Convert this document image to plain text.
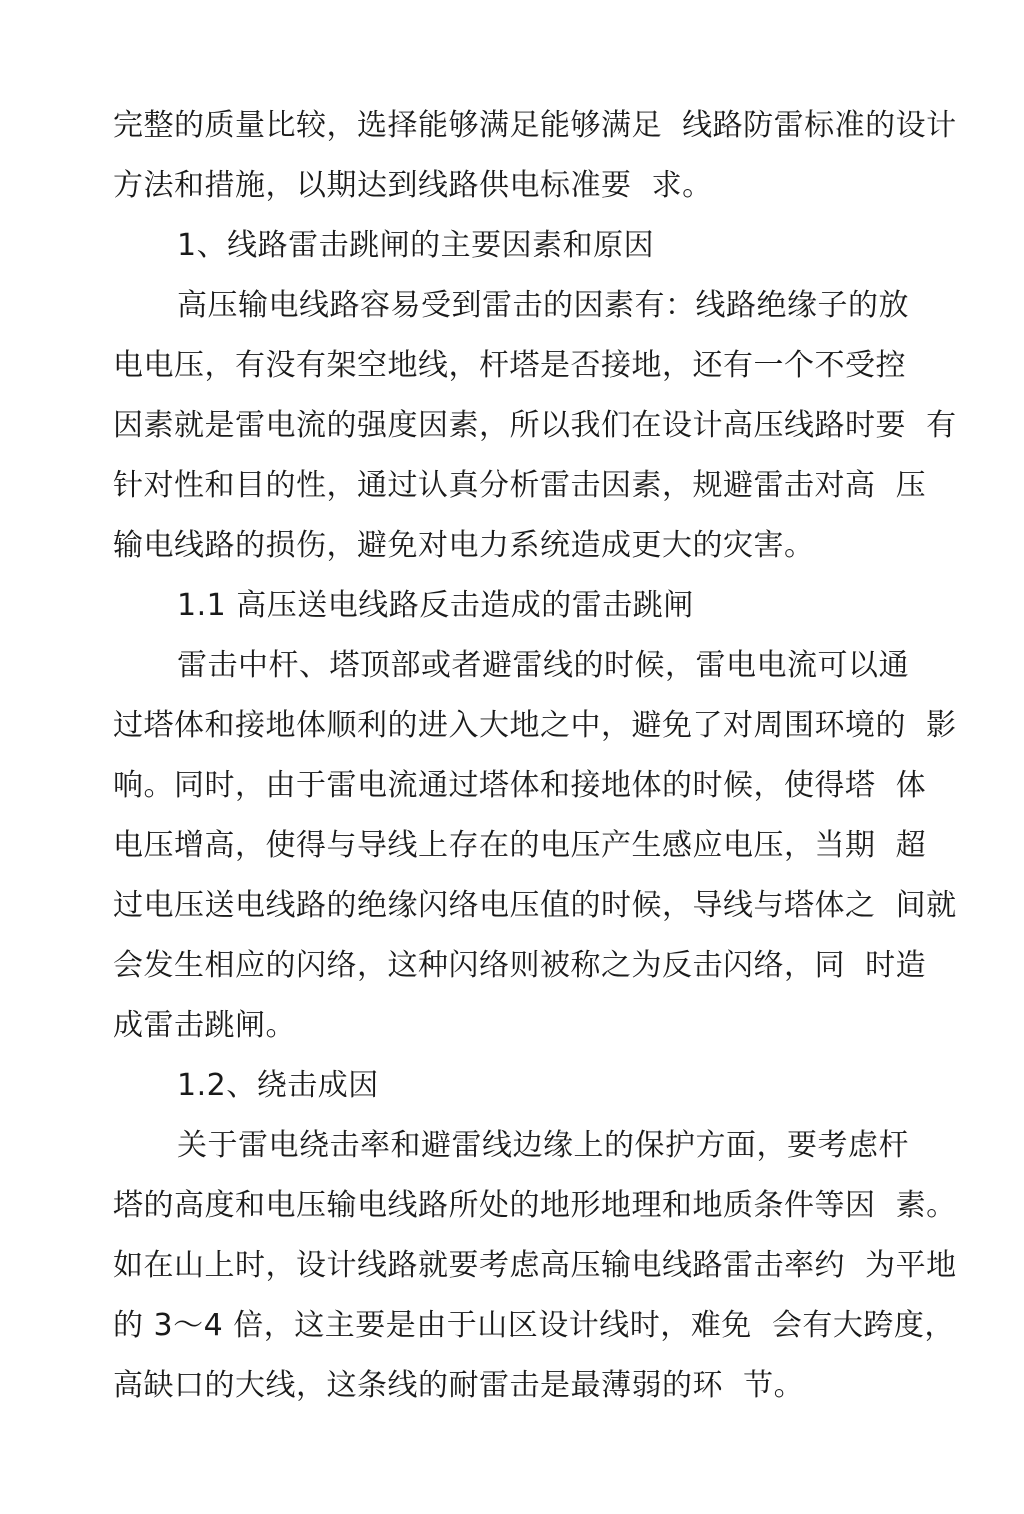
完整的质量比较，选择能够满足能够满足  线路防雷标准的设计
方法和措施，以期达到线路供电标准要  求。
1、线路雷击跳闸的主要因素和原因
高压输电线路容易受到雷击的因素有：线路绝缘子的放
电电压，有没有架空地线，杆塔是否接地，还有一个不受控
因素就是雷电流的强度因素，所以我们在设计高压线路时要  有
针对性和目的性，通过认真分析雷击因素，规避雷击对高  压
输电线路的损伤，避免对电力系统造成更大的灾害。
1.1 高压送电线路反击造成的雷击跳闸
雷击中杆、塔顶部或者避雷线的时候，雷电电流可以通
过塔体和接地体顺利的进入大地之中，避免了对周围环境的  影
响。同时，由于雷电流通过塔体和接地体的时候，使得塔  体
电压增高，使得与导线上存在的电压产生感应电压，当期  超
过电压送电线路的绝缘闪络电压值的时候，导线与塔体之  间就
会发生相应的闪络，这种闪络则被称之为反击闪络，同  时造
成雷击跳闸。
1.2、绕击成因
关于雷电绕击率和避雷线边缘上的保护方面，要考虑杆
塔的高度和电压输电线路所处的地形地理和地质条件等因  素。
如在山上时，设计线路就要考虑高压输电线路雷击率约  为平地
的 3～4 倍，这主要是由于山区设计线时，难免  会有大跨度，
高缺口的大线，这条线的耐雷击是最薄弱的环  节。
